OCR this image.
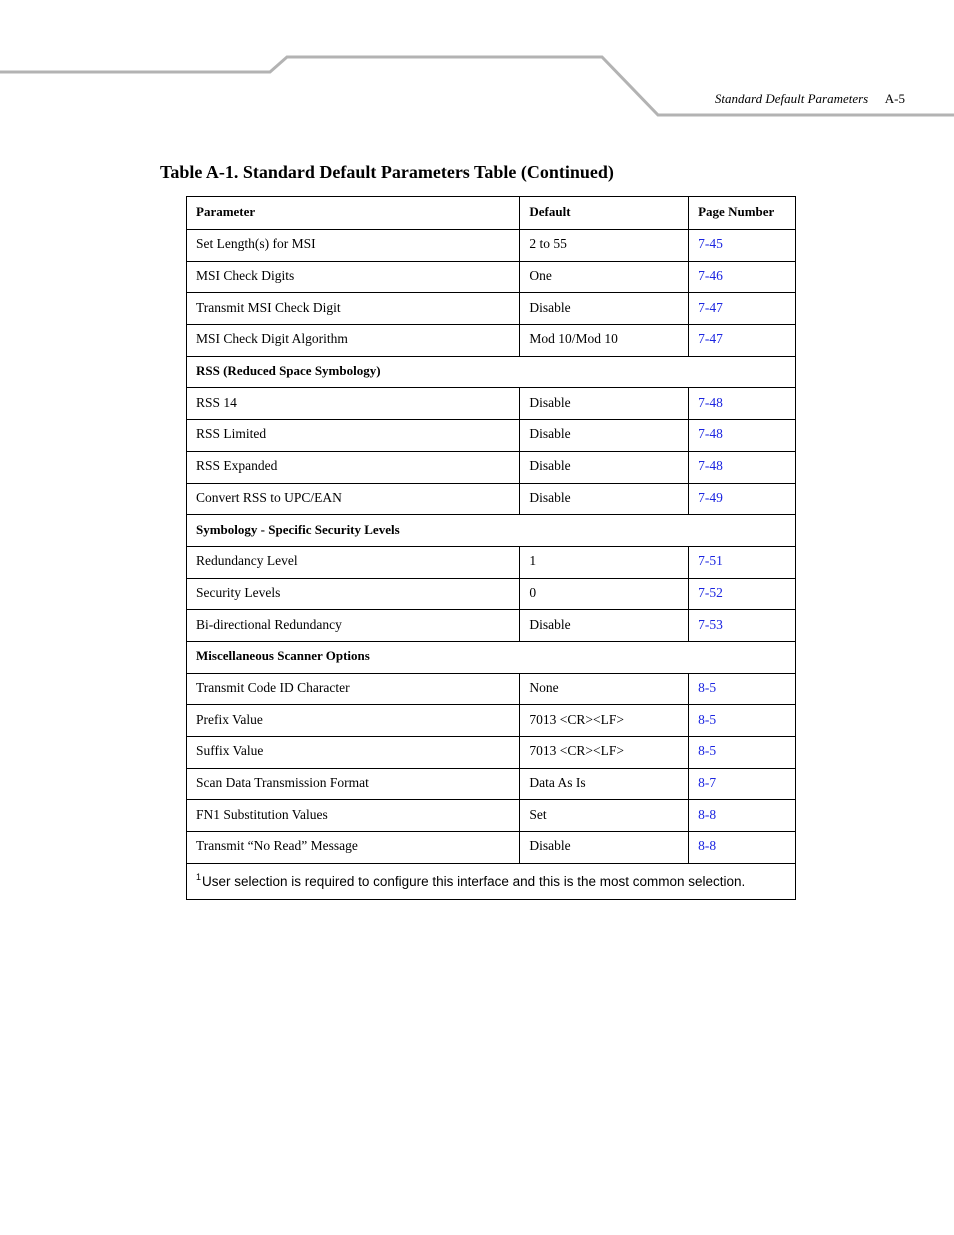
Standard Default Parameters A-5
Table A-1. Standard Default Parameters Table (Continued)
Parameter	Default	Page Number
Set Length(s) for MSI	2 to 55	7-45
MSI Check Digits	One	7-46
Transmit MSI Check Digit	Disable	7-47
MSI Check Digit Algorithm	Mod 10/Mod 10	7-47
RSS (Reduced Space Symbology)		
RSS 14	Disable	7-48
RSS Limited	Disable	7-48
RSS Expanded	Disable	7-48
Convert RSS to UPC/EAN	Disable	7-49
Symbology - Specific Security Levels		
Redundancy Level	1	7-51
Security Levels	0	7-52
Bi-directional Redundancy	Disable	7-53
Miscellaneous Scanner Options		
Transmit Code ID Character	None	8-5
Prefix Value	7013 <CR><LF>	8-5
Suffix Value	7013 <CR><LF>	8-5
Scan Data Transmission Format	Data As Is	8-7
FN1 Substitution Values	Set	8-8
Transmit “No Read” Message	Disable	8-8
$^1$User selection is required to configure this interface and this is the most common selection.		
